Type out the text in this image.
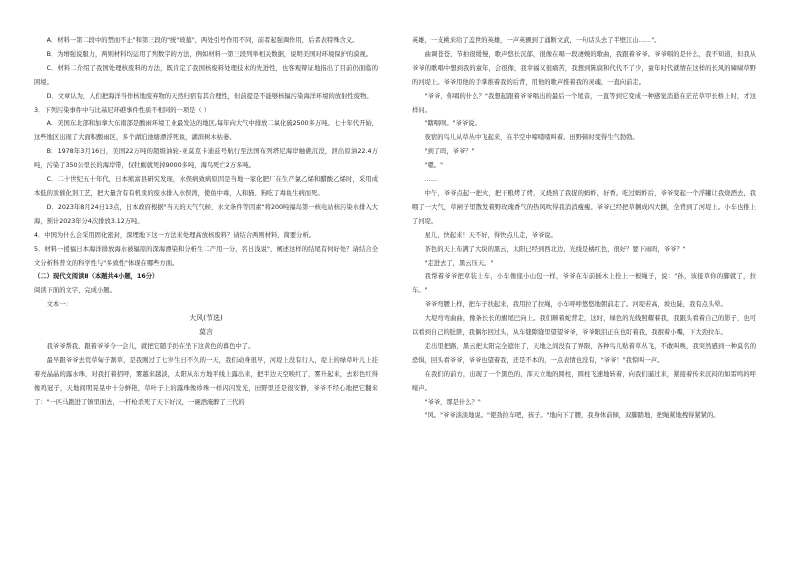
A．材料一第二段中的禁而不止"和第三段的"统"玻墓"，两处引号作用不同，前者起强调作用，后者表特殊含义。

B．为增强说服力，两则材料均运用了列数字的方法，例如材料一第三段列举相关数据，说明美国对环境保护的漠视。

C．材料二介绍了我国处理核废料的方法，既肯定了我国核废料处理技术的先进性，也客观辩证地指出了目前仍面临的困境。

D．文章认为，人们把海洋当作核地废弃物的天然归宿有其合理性，但前提是不能够核辐污染海洋环境的放射性废物。

3．下列污染事件中与比基尼环礁事件性质不相同的一项是（ ）

A．美国东北部和加拿大东南部是酸雨环境工业最发达的地区,每年向大气中排放二氧化硫2500多万吨。七十年代开始，这些地区出现了大面积酸雨区，多个湖泊池塘漂浮死鱼，湖滨树木枯萎。

B．1978年3月16日，美国22万吨的超级油轮-亚莫克卡迪兹号航行至法国布列塔尼海岸触礁沉没，泄出原油22.4万吨，污染了350公里长的海岸带，仅牡蛎就死掉9000多吨，海鸟死亡2万多吨。

C．二十世纪五十年代，日本熊富县研究发现，水俣病致病原因是当地一家化肥厂在生产氯乙烯和醋酸乙烯时，采用成本低的汞催化剂工艺，把大量含有有机汞的废水排入水俣湾，使鱼中毒，人和猫、狗吃了毒鱼生病而死。

D．2023年8月24日13点，日本政府根据"当天的天气气候、水文条件等因素"将200吨福岛第一核电站核污染水排入大海，预计2023年分4次排放3.12万吨。

4．中国为什么会采用固化密封，深埋地下这一方法来处理高放核废料？请结合两则材料，简要分析。

5．材料一援福日本海洋排放海水被辐原的深海漂染和分析生二产用一分，名日浅说"，阐述这样的结尾有何好处？请结合全文分析科普文的科学性与"多致性"体现在哪些方面。

（二）现代文阅读Ⅱ（本题共4小题，16分）

阅读下面的文字，完成小题。

文本一：

大风(节选)

莫言

我爷爷帮我，跟着爷爷今一会儿，就把它随手扔在坐下这黄色的暮色中了。

最早跟爷爷去荒草甸子割草，是我刚过了七岁生日不久的一天，我们动身很早，河堤上没有行人，堤上的绿草叶儿上挂着亮晶晶的露水珠，对我打着招呼，雾越来越淡，太阳从东方地平线上露出来，把半边天空映红了，雾升起来，去彩色红得像鸡冠子，天地间明晃晃中十分鲜艳，草叶子上的露珠像珍珠一样闪闪发光，田野里还是很安静，爷爷不经心地把它翻来了："一匹马跑进了镇里面去，一杆枪杀死了天下好汉，一碗酒淹醉了三代的

英雄，一支桃来给了盖世的英雄，一声英颤到了涌断文武，一句话头去了半壁江山……"。

曲调苍苍，节拍很缓慢，歌声悠长沉郁，很像在唱一段凄婉的歌曲，我跟着爷爷。爷爷唱的是什么，我不知道，但我从爷爷的歌唱中想到我的童年，会很像，我幸福又很痛苦，我想到陈腐和代代不了少，童年时代就情在这样的长风的啸啸草野的河堤上。爷爷用他的手掌推着我的后背，用他的歌声推着我的灵魂，一直向前走。

"爷爷，你唱的什么？"我想起跟着爷爷唱出的最后一个尾音，一直等到它变成一种感觉消逝在茫茫草甲长桥上时，才这样问。

"瞎唱呗。"爷爷说。

夜宿的鸟儿从草丛中飞起来，在半空中啼喳喳叫着。田野顿时变得生气勃勃。

"到了吗，爷爷？"

"嗯。"

……

中午，爷爷点起一把火，把干粮烤了烤，又烧熟了我捉的蚂蚱，好香。吃过蚂蚱后，爷爷变起一个浮罐让我烧酒去，我喂了一大气，草闸子里散发着野玫瑰香气的热风吹得我消消瘦瘦。爷爷已经把草捆成四大捆，全背到了河堤上。小车也推上了河堤。

星儿，快起来！天不好，得快点儿走，爷爷说。

茶色的天上布满了大块的黑云，太阳已经到西北边，光线是橘红色，很好？要下雨吗，爷爷？"

"走进去了，黑云压天。"

我帮着爷爷把草装上车，小车像座小山包一样，爷爷在车前插木上拴上一根绳子，说："孙，该接草你的脚就了，拉车。"

爷爷弯腰上样，把车子扶起来，我用拉了拉绳，小车呼呼悠悠地朝前走了。河堤若高，坡也陡，我有点头晕。

大堤弯弯曲曲，像条长长的旗尾巴向上。我们顺着蛇背走，这时，绿色的光线照耀着我，我跟头看着自己的影子，也可以看到自己的肚脐，我偶尔回过头，从车缝隙缝里望望爷爷，爷爷眼泪正在也盯着我，我抿着小嘴，下大劲拉车。

走出里把路，黑云把太阳完全遮住了，天地之间没有了界限，各种鸟儿贴着草丛飞，不敢叫唤，我突然感到一种莫名的恐惧，回头看爷爷，爷爷也望着我，还是不本的，一点表情也没有，"爷爷！"我惊叫一声。

在我们的前方，出现了一个黑色的，浑天立地的圆柱，圆柱飞速地转着，向我们逼过来，紧接着传来沉闷的如雷鸣的呼嚎声。

"爷爷，那是什么？"

"风。"爷爷淡淡地说。"使劲拉车吧，孩子。"地向下了腰，我身体前倾，双脚踏地，把绳紧地拽得紧紧的。
